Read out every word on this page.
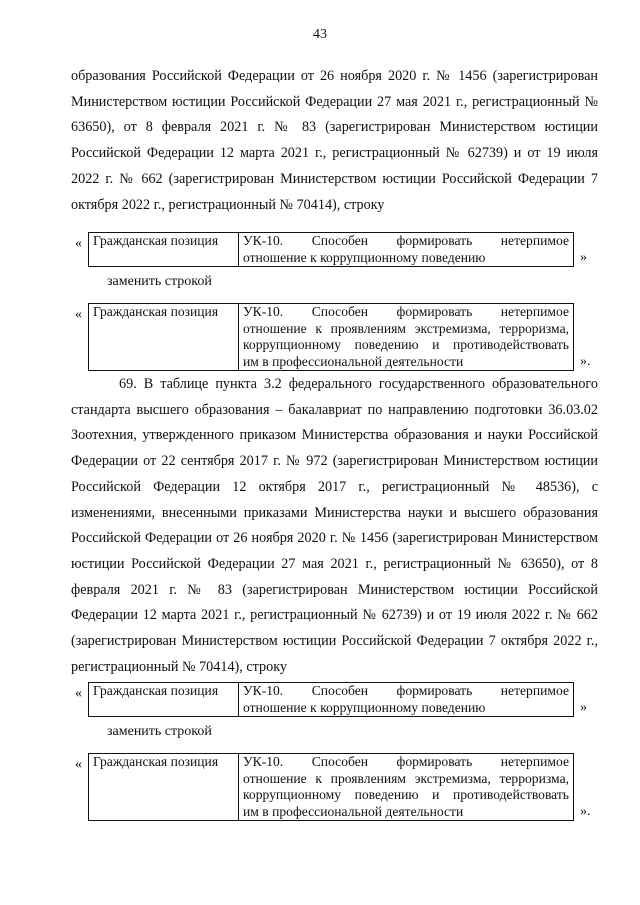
43

образования Российской Федерации от 26 ноября 2020 г. № 1456 (зарегистрирован Министерством юстиции Российской Федерации 27 мая 2021 г., регистрационный № 63650), от 8 февраля 2021 г. № 83 (зарегистрирован Министерством юстиции Российской Федерации 12 марта 2021 г., регистрационный № 62739) и от 19 июля 2022 г. № 662 (зарегистрирован Министерством юстиции Российской Федерации 7 октября 2022 г., регистрационный № 70414), строку

« Гражданская позиция	УК-10. Способен формировать нетерпимое
отношение к коррупционному поведению	»
заменить строкой
« Гражданская позиция	УК-10. Способен формировать нетерпимое
отношение к проявлениям экстремизма, терроризма,
коррупционному поведению и противодействовать
им в профессиональной деятельности	».

69. В таблице пункта 3.2 федерального государственного образовательного стандарта высшего образования – бакалавриат по направлению подготовки 36.03.02 Зоотехния, утвержденного приказом Министерства образования и науки Российской Федерации от 22 сентября 2017 г. № 972 (зарегистрирован Министерством юстиции Российской Федерации 12 октября 2017 г., регистрационный № 48536), с изменениями, внесенными приказами Министерства науки и высшего образования Российской Федерации от 26 ноября 2020 г. № 1456 (зарегистрирован Министерством юстиции Российской Федерации 27 мая 2021 г., регистрационный № 63650), от 8 февраля 2021 г. № 83 (зарегистрирован Министерством юстиции Российской Федерации 12 марта 2021 г., регистрационный № 62739) и от 19 июля 2022 г. № 662 (зарегистрирован Министерством юстиции Российской Федерации 7 октября 2022 г., регистрационный № 70414), строку

« Гражданская позиция	УК-10. Способен формировать нетерпимое
отношение к коррупционному поведению	»
заменить строкой
« Гражданская позиция	УК-10. Способен формировать нетерпимое
отношение к проявлениям экстремизма, терроризма,
коррупционному поведению и противодействовать
им в профессиональной деятельности	».
